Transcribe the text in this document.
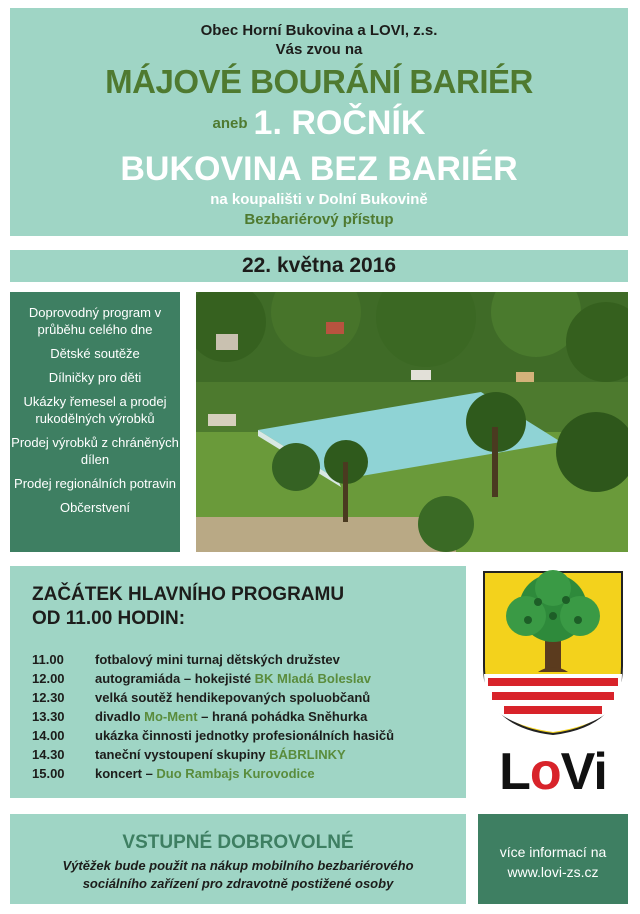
Obec Horní Bukovina a LOVI, z.s.
Vás zvou na
MÁJOVÉ BOURÁNÍ BARIÉR
aneb 1. ROČNÍK
BUKOVINA BEZ BARIÉR
na koupališti v Dolní Bukovině
Bezbariérový přístup
22. května 2016
Doprovodný program v průběhu celého dne
Dětské soutěže
Dílničky pro děti
Ukázky řemesel a prodej rukodělných výrobků
Prodej výrobků z chráněných dílen
Prodej regionálních potravin
Občerstvení
ZAČÁTEK HLAVNÍHO PROGRAMU
OD 11.00 HODIN:
11.00 fotbalový mini turnaj dětských družstev
12.00 autogramiáda – hokejisté BK Mladá Boleslav
12.30 velká soutěž hendikepovaných spoluobčanů
13.30 divadlo Mo-Ment – hraná pohádka Sněhurka
14.00 ukázka činnosti jednotky profesionálních hasičů
14.30 taneční vystoupení skupiny BÁBRLINKY
15.00 koncert – Duo Rambajs Kurovodice	LoVi
VSTUPNÉ DOBROVOLNÉ
Výtěžek bude použit na nákup mobilního bezbariérového
sociálního zařízení pro zdravotně postižené osoby
více informací na
www.lovi-zs.cz
